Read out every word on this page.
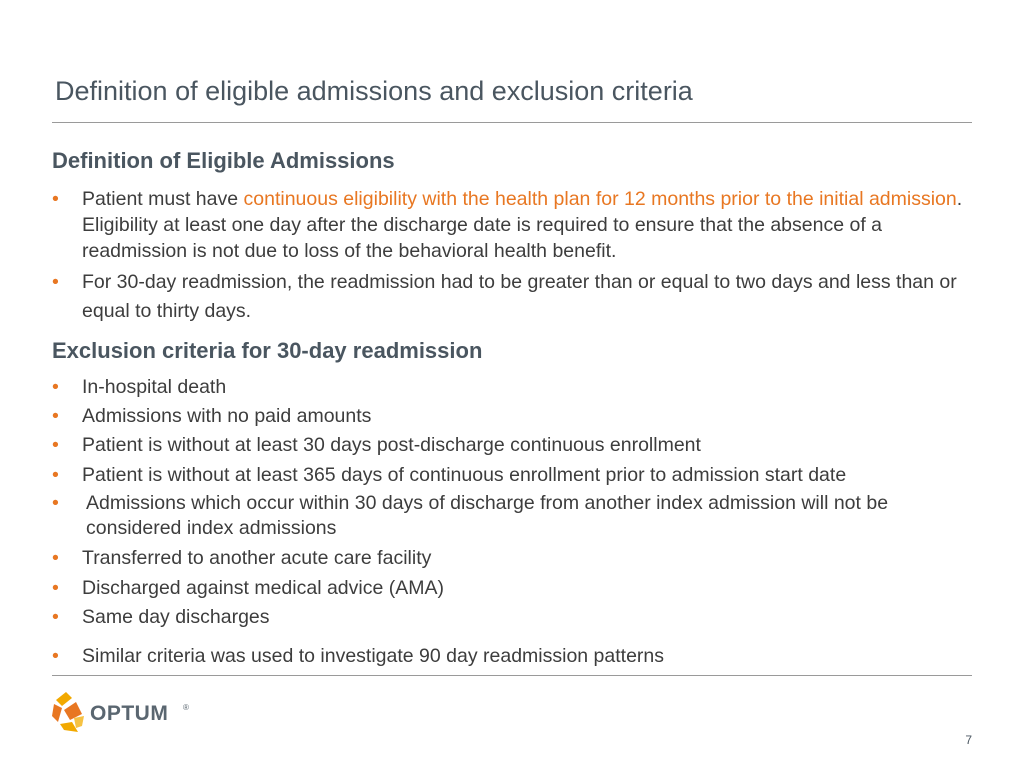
Definition of eligible admissions and exclusion criteria
Definition of Eligible Admissions
•	Patient must have continuous eligibility with the health plan for 12 months prior to the initial admission. Eligibility at least one day after the discharge date is required to ensure that the absence of a readmission is not due to loss of the behavioral health benefit.
•	For 30-day readmission, the readmission had to be greater than or equal to two days and less than or equal to thirty days.
Exclusion criteria for 30-day readmission
•	In-hospital death
•	Admissions with no paid amounts
•	Patient is without at least 30 days post-discharge continuous enrollment
•	Patient is without at least 365 days of continuous enrollment prior to admission start date
•	Admissions which occur within 30 days of discharge from another index admission will not be considered index admissions
•	Transferred to another acute care facility
•	Discharged against medical advice (AMA)
•	Same day discharges
•	Similar criteria was used to investigate 90 day readmission patterns
OPTUM ®
7
